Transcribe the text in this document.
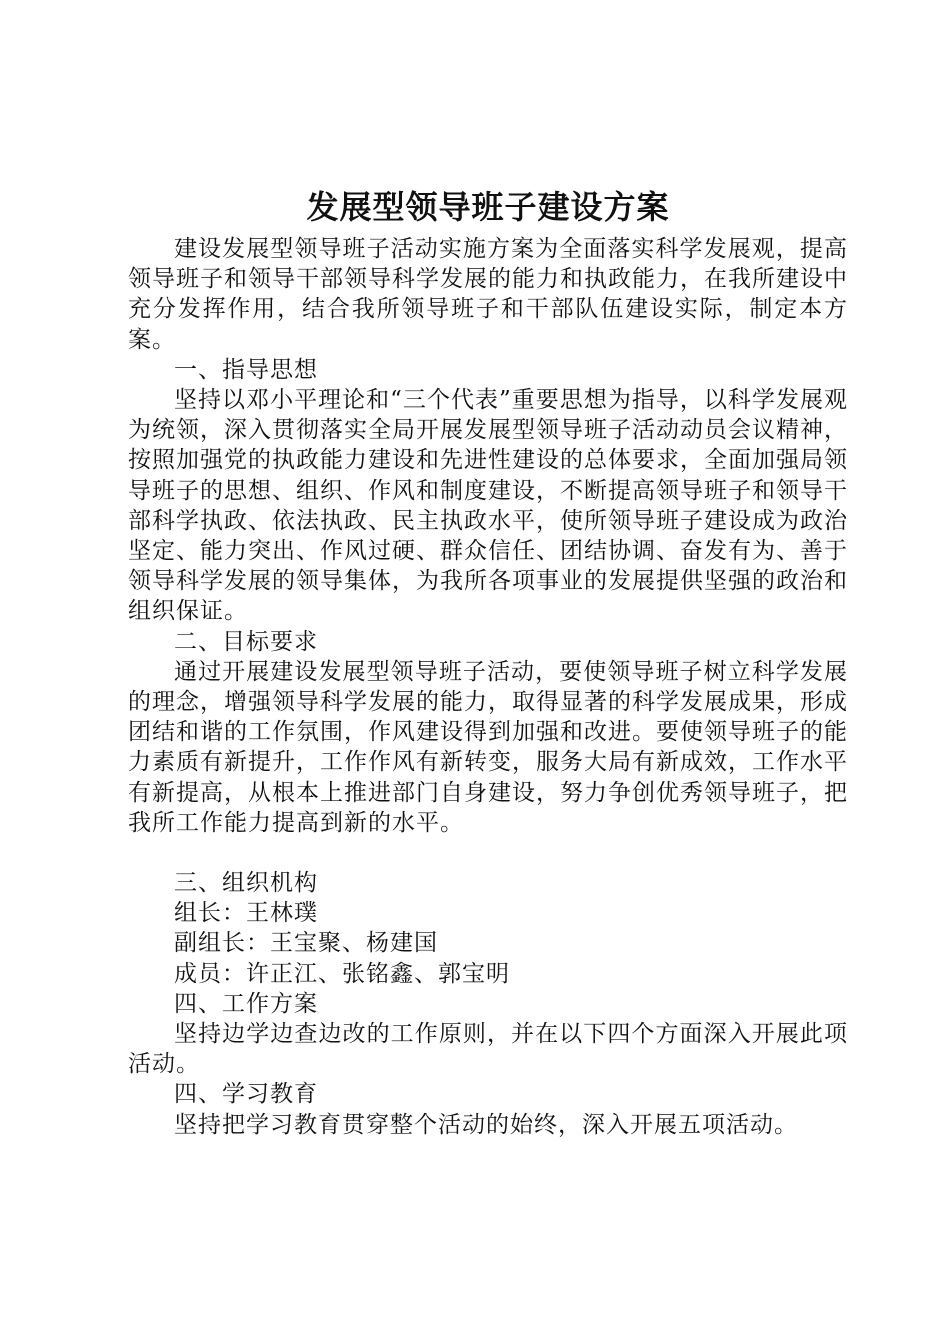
发展型领导班子建设方案

建设发展型领导班子活动实施方案为全面落实科学发展观，提高领导班子和领导干部领导科学发展的能力和执政能力，在我所建设中充分发挥作用，结合我所领导班子和干部队伍建设实际，制定本方案。

一、指导思想

坚持以邓小平理论和“三个代表”重要思想为指导，以科学发展观为统领，深入贯彻落实全局开展发展型领导班子活动动员会议精神，按照加强党的执政能力建设和先进性建设的总体要求，全面加强局领导班子的思想、组织、作风和制度建设，不断提高领导班子和领导干部科学执政、依法执政、民主执政水平，使所领导班子建设成为政治坚定、能力突出、作风过硬、群众信任、团结协调、奋发有为、善于领导科学发展的领导集体，为我所各项事业的发展提供坚强的政治和组织保证。

二、目标要求

通过开展建设发展型领导班子活动，要使领导班子树立科学发展的理念，增强领导科学发展的能力，取得显著的科学发展成果，形成团结和谐的工作氛围，作风建设得到加强和改进。要使领导班子的能力素质有新提升，工作作风有新转变，服务大局有新成效，工作水平有新提高，从根本上推进部门自身建设，努力争创优秀领导班子，把我所工作能力提高到新的水平。

三、组织机构

组长：王林璞

副组长：王宝聚、杨建国

成员：许正江、张铭鑫、郭宝明

四、工作方案

坚持边学边查边改的工作原则，并在以下四个方面深入开展此项活动。

四、学习教育

坚持把学习教育贯穿整个活动的始终，深入开展五项活动。
